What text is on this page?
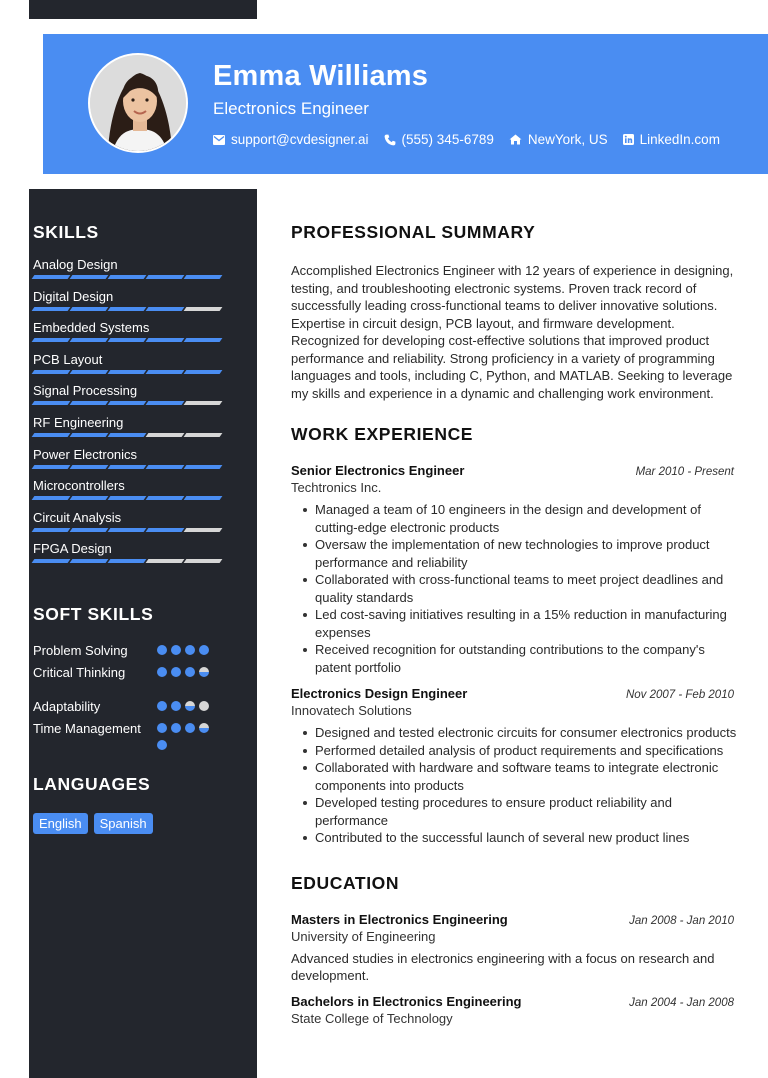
Emma Williams
Electronics Engineer
support@cvdesigner.ai (555) 345-6789	NewYork, US LinkedIn.com
SKILLS
Analog Design
Digital Design
Embedded Systems
PCB Layout
Signal Processing
RF Engineering
Power Electronics
Microcontrollers
Circuit Analysis
FPGA Design
SOFT SKILLS
Problem Solving
Critical Thinking
Adaptability
Time Management
LANGUAGES
English	Spanish
PROFESSIONAL SUMMARY
Accomplished Electronics Engineer with 12 years of experience in designing, testing, and troubleshooting electronic systems. Proven track record of successfully leading cross-functional teams to deliver innovative solutions. Expertise in circuit design, PCB layout, and firmware development. Recognized for developing cost-effective solutions that improved product performance and reliability. Strong proficiency in a variety of programming languages and tools, including C, Python, and MATLAB. Seeking to leverage my skills and experience in a dynamic and challenging work environment.
WORK EXPERIENCE
Senior Electronics Engineer	Mar 2010 - Present
Techtronics Inc.
Managed a team of 10 engineers in the design and development of cutting-edge electronic products
Oversaw the implementation of new technologies to improve product performance and reliability
Collaborated with cross-functional teams to meet project deadlines and quality standards
Led cost-saving initiatives resulting in a 15% reduction in manufacturing expenses
Received recognition for outstanding contributions to the company's patent portfolio
Electronics Design Engineer	Nov 2007 - Feb 2010
Innovatech Solutions
Designed and tested electronic circuits for consumer electronics products
Performed detailed analysis of product requirements and specifications
Collaborated with hardware and software teams to integrate electronic components into products
Developed testing procedures to ensure product reliability and performance
Contributed to the successful launch of several new product lines
EDUCATION
Masters in Electronics Engineering	Jan 2008 - Jan 2010
University of Engineering
Advanced studies in electronics engineering with a focus on research and development.
Bachelors in Electronics Engineering	Jan 2004 - Jan 2008
State College of Technology
